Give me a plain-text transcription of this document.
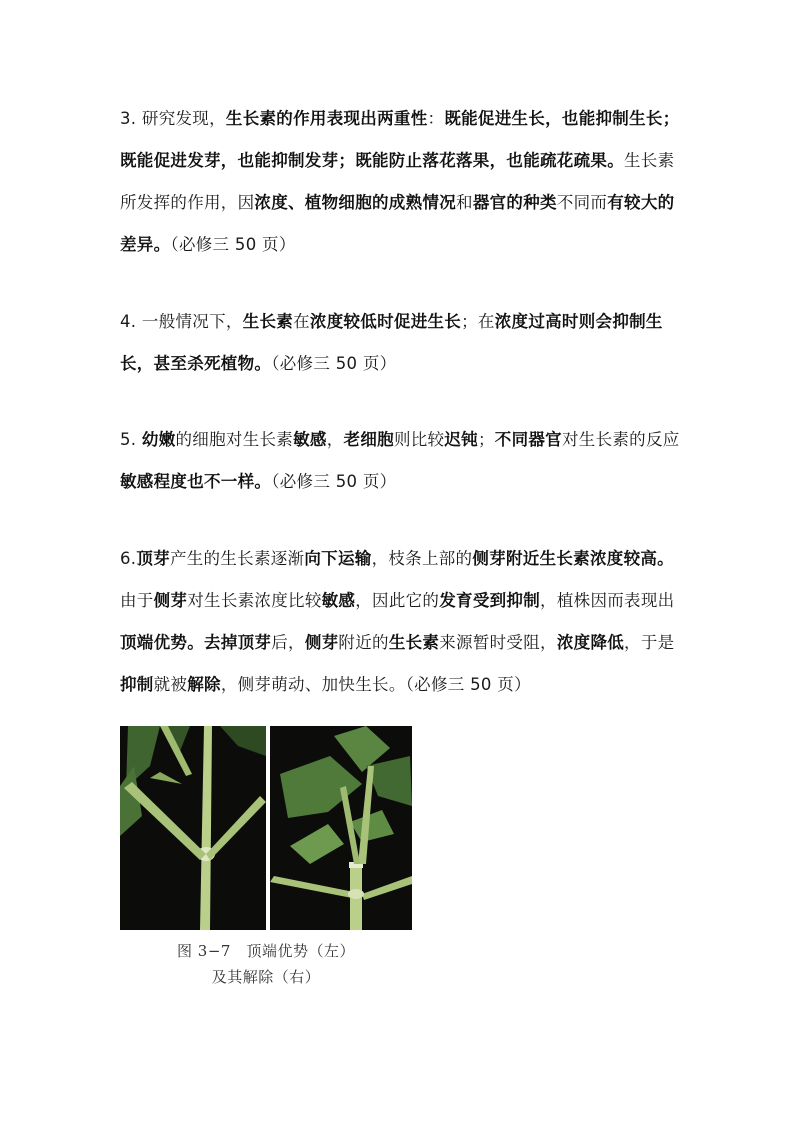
3. 研究发现，生长素的作用表现出两重性：既能促进生长，也能抑制生长；既能促进发芽，也能抑制发芽；既能防止落花落果，也能疏花疏果。生长素所发挥的作用，因浓度、植物细胞的成熟情况和器官的种类不同而有较大的差异。（必修三 50 页）

4. 一般情况下，生长素在浓度较低时促进生长；在浓度过高时则会抑制生长，甚至杀死植物。（必修三 50 页）

5. 幼嫩的细胞对生长素敏感，老细胞则比较迟钝；不同器官对生长素的反应敏感程度也不一样。（必修三 50 页）

6.顶芽产生的生长素逐渐向下运输，枝条上部的侧芽附近生长素浓度较高。由于侧芽对生长素浓度比较敏感，因此它的发育受到抑制，植株因而表现出顶端优势。去掉顶芽后，侧芽附近的生长素来源暂时受阻，浓度降低，于是抑制就被解除，侧芽萌动、加快生长。（必修三 50 页）

图 3−7　顶端优势（左）
及其解除（右）
